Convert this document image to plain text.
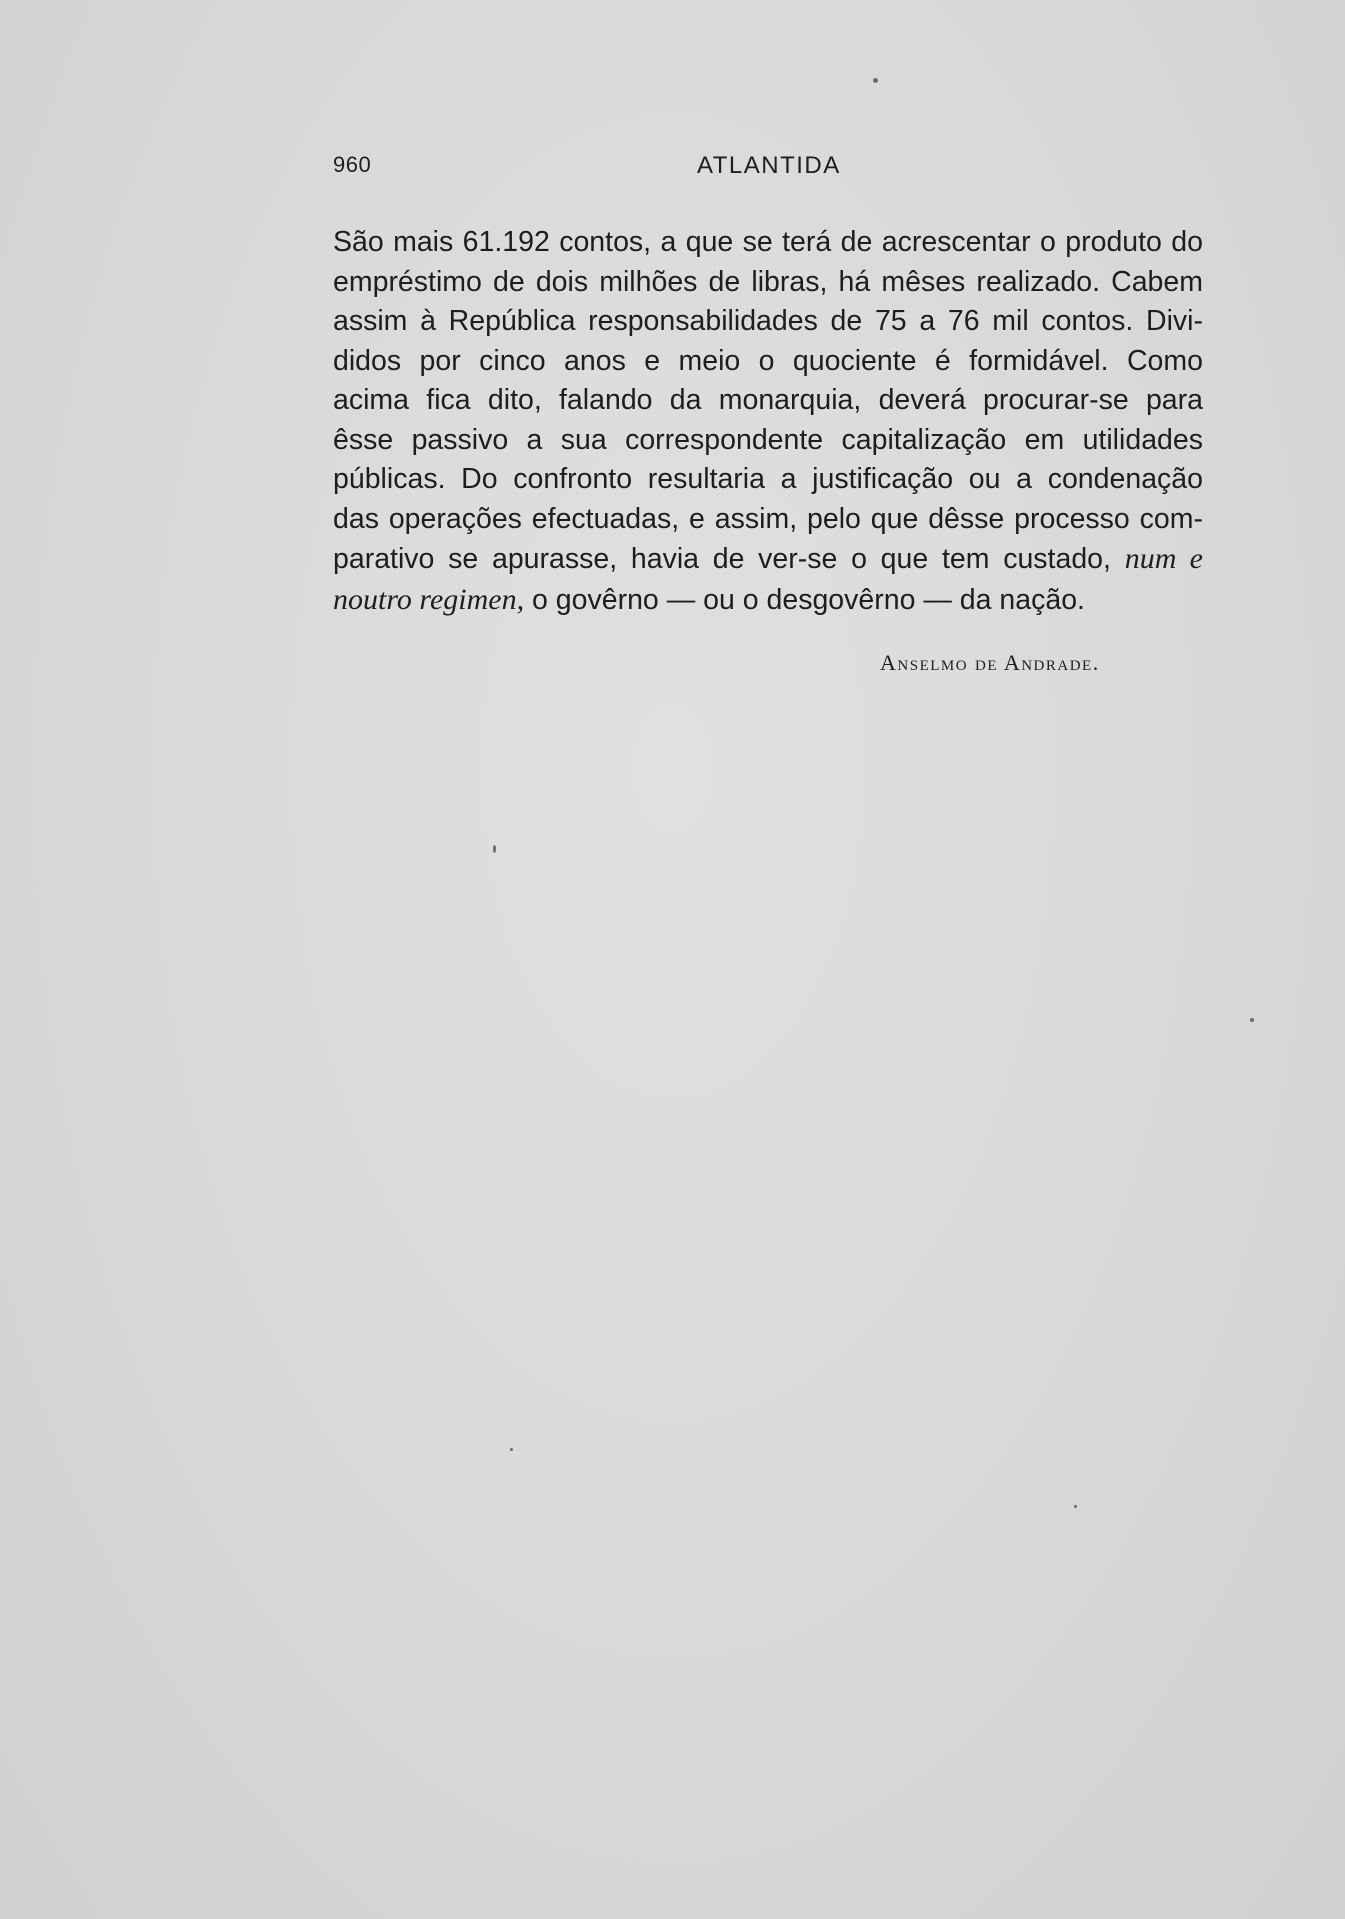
960	ATLANTIDA
São mais 61.192 contos, a que se terá de acrescentar o produto do
empréstimo de dois milhões de libras, há mêses realizado. Cabem
assim à República responsabilidades de 75 a 76 mil contos. Divi-
didos por cinco anos e meio o quociente é formidável. Como
acima fica dito, falando da monarquia, deverá procurar-se para
êsse passivo a sua correspondente capitalização em utilidades
públicas. Do confronto resultaria a justificação ou a condenação
das operações efectuadas, e assim, pelo que dêsse processo com-
parativo se apurasse, havia de ver-se o que tem custado, num e
noutro regimen, o govêrno — ou o desgovêrno — da nação.
Anselmo de Andrade.
